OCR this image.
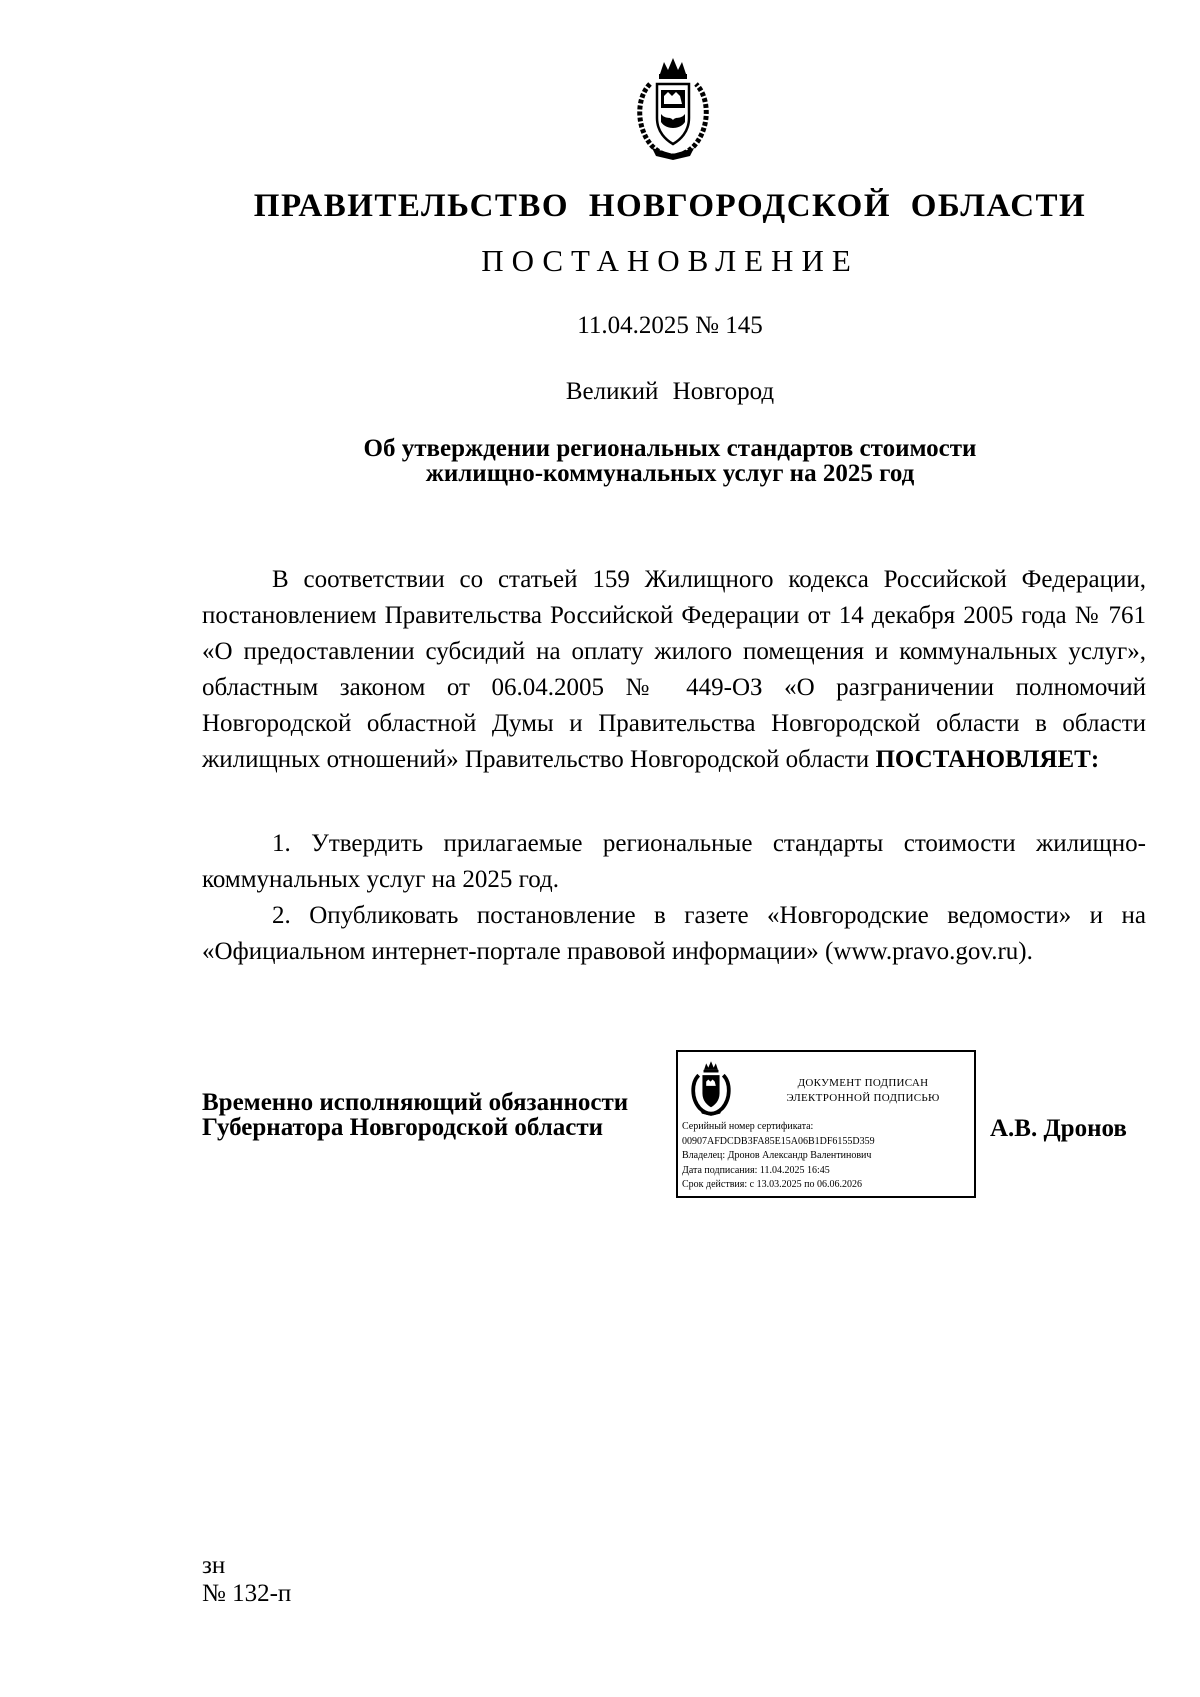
ПРАВИТЕЛЬСТВО НОВГОРОДСКОЙ ОБЛАСТИ
ПОСТАНОВЛЕНИЕ
11.04.2025 № 145
Великий Новгород
Об утверждении региональных стандартов стоимости
жилищно-коммунальных услуг на 2025 год

В соответствии со статьей 159 Жилищного кодекса Российской Федерации, постановлением Правительства Российской Федерации от 14 декабря 2005 года № 761 «О предоставлении субсидий на оплату жилого помещения и коммунальных услуг», областным законом от 06.04.2005 № 449-ОЗ «О разграничении полномочий Новгородской областной Думы и Правительства Новгородской области в области жилищных отношений» Правительство Новгородской области ПОСТАНОВЛЯЕТ:

1. Утвердить прилагаемые региональные стандарты стоимости жилищно-коммунальных услуг на 2025 год.

2. Опубликовать постановление в газете «Новгородские ведомости» и на «Официальном интернет-портале правовой информации» (www.pravo.gov.ru).

Временно исполняющий обязанности
Губернатора Новгородской области
ДОКУМЕНТ ПОДПИСАН
ЭЛЕКТРОННОЙ ПОДПИСЬЮ
Серийный номер сертификата:
00907AFDCDB3FA85E15A06B1DF6155D359
Владелец: Дронов Александр Валентинович
Дата подписания: 11.04.2025 16:45
Срок действия: с 13.03.2025 по 06.06.2026
А.В. Дронов
зн
№ 132-п
